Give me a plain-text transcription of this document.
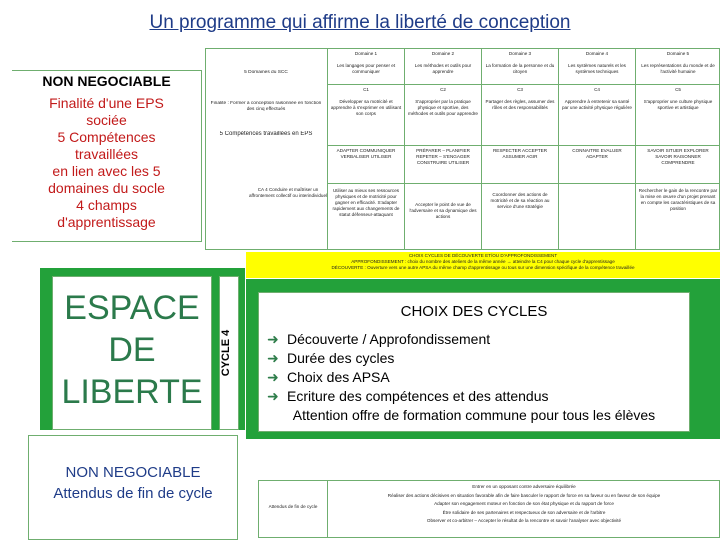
Un programme qui affirme la liberté de conception
NON NEGOCIABLE
Finalité d'une EPS
sociée
5 Compétences
travaillées
en lien avec les 5
domaines du socle
4 champs
d'apprentissage
ESPACE
DE
LIBERTE
CYCLE 4
NON NEGOCIABLE
Attendus de fin de cycle
5 Domaines du SCC
Finalité : Former à conception raisonnée en fonction des cinq effectués
5 Compétences travaillées en EPS
CA 4 Conduire et maîtriser un affrontement collectif ou interindividuel
Domaine 1
Les langages pour penser et communiquer
C1
Développer sa motricité et apprendre à s'exprimer en utilisant son corps
ADAPTER COMMUNIQUER VERBALISER UTILISER
Utiliser au mieux ses ressources physiques et de motricité pour gagner en efficacité. S'adapter rapidement aux changements de statut défenseur-attaquant
Domaine 2
Les méthodes et outils pour apprendre
C2
S'approprier par la pratique physique et sportive, des méthodes et outils pour apprendre
PRÉPARER – PLANIFIER REPETER – S'ENGAGER CONSTRUIRE UTILISER
Accepter le point de vue de l'adversaire et sa dynamique des actions
Domaine 3
La formation de la personne et du citoyen
C3
Partager des règles, assumer des rôles et des responsabilités
RESPECTER ACCEPTER ASSUMER AGIR
Coordonner des actions de motricité et de sa réaction au service d'une stratégie
Domaine 4
Les systèmes naturels et les systèmes techniques
C4
Apprendre à entretenir sa santé par une activité physique régulière
CONNAITRE EVALUER ADAPTER
Domaine 5
Les représentations du monde et de l'activité humaine
C5
S'approprier une culture physique sportive et artistique
SAVOIR SITUER EXPLORER SAVOIR RAISONNER COMPRENDRE
Rechercher le gain de la rencontre par la mise en œuvre d'un projet prenant en compte les caractéristiques de sa position
CHOIX CYCLES DE DÉCOUVERTE ET/OU D'APPROFONDISSEMENT
APPROFONDISSEMENT : choix du nombre des ateliers de la même année → atteindre la C4 pour chaque cycle d'apprentissage
DÉCOUVERTE : Ouverture vers une autre APSA du même champ d'apprentissage ou tous sur une dimension spécifique de la compétence travaillée
CHOIX DES CYCLES
➜ Découverte / Approfondissement
➜ Durée des cycles
➜ Choix des APSA
➜ Ecriture des compétences et des attendus
Attention offre de formation commune pour tous les élèves
Attendus de fin de cycle
Entrer en un opposant contre adversaire équilibrée
Réaliser des actions décisives en situation favorable afin de faire basculer le rapport de force en sa faveur ou en faveur de son équipe
Adapter son engagement moteur en fonction de son état physique et du rapport de force
Être solidaire de ses partenaires et respectueux de son adversaire et de l'arbitre
Observer et co-arbitrer – Accepter le résultat de la rencontre et savoir l'analyser avec objectivité
